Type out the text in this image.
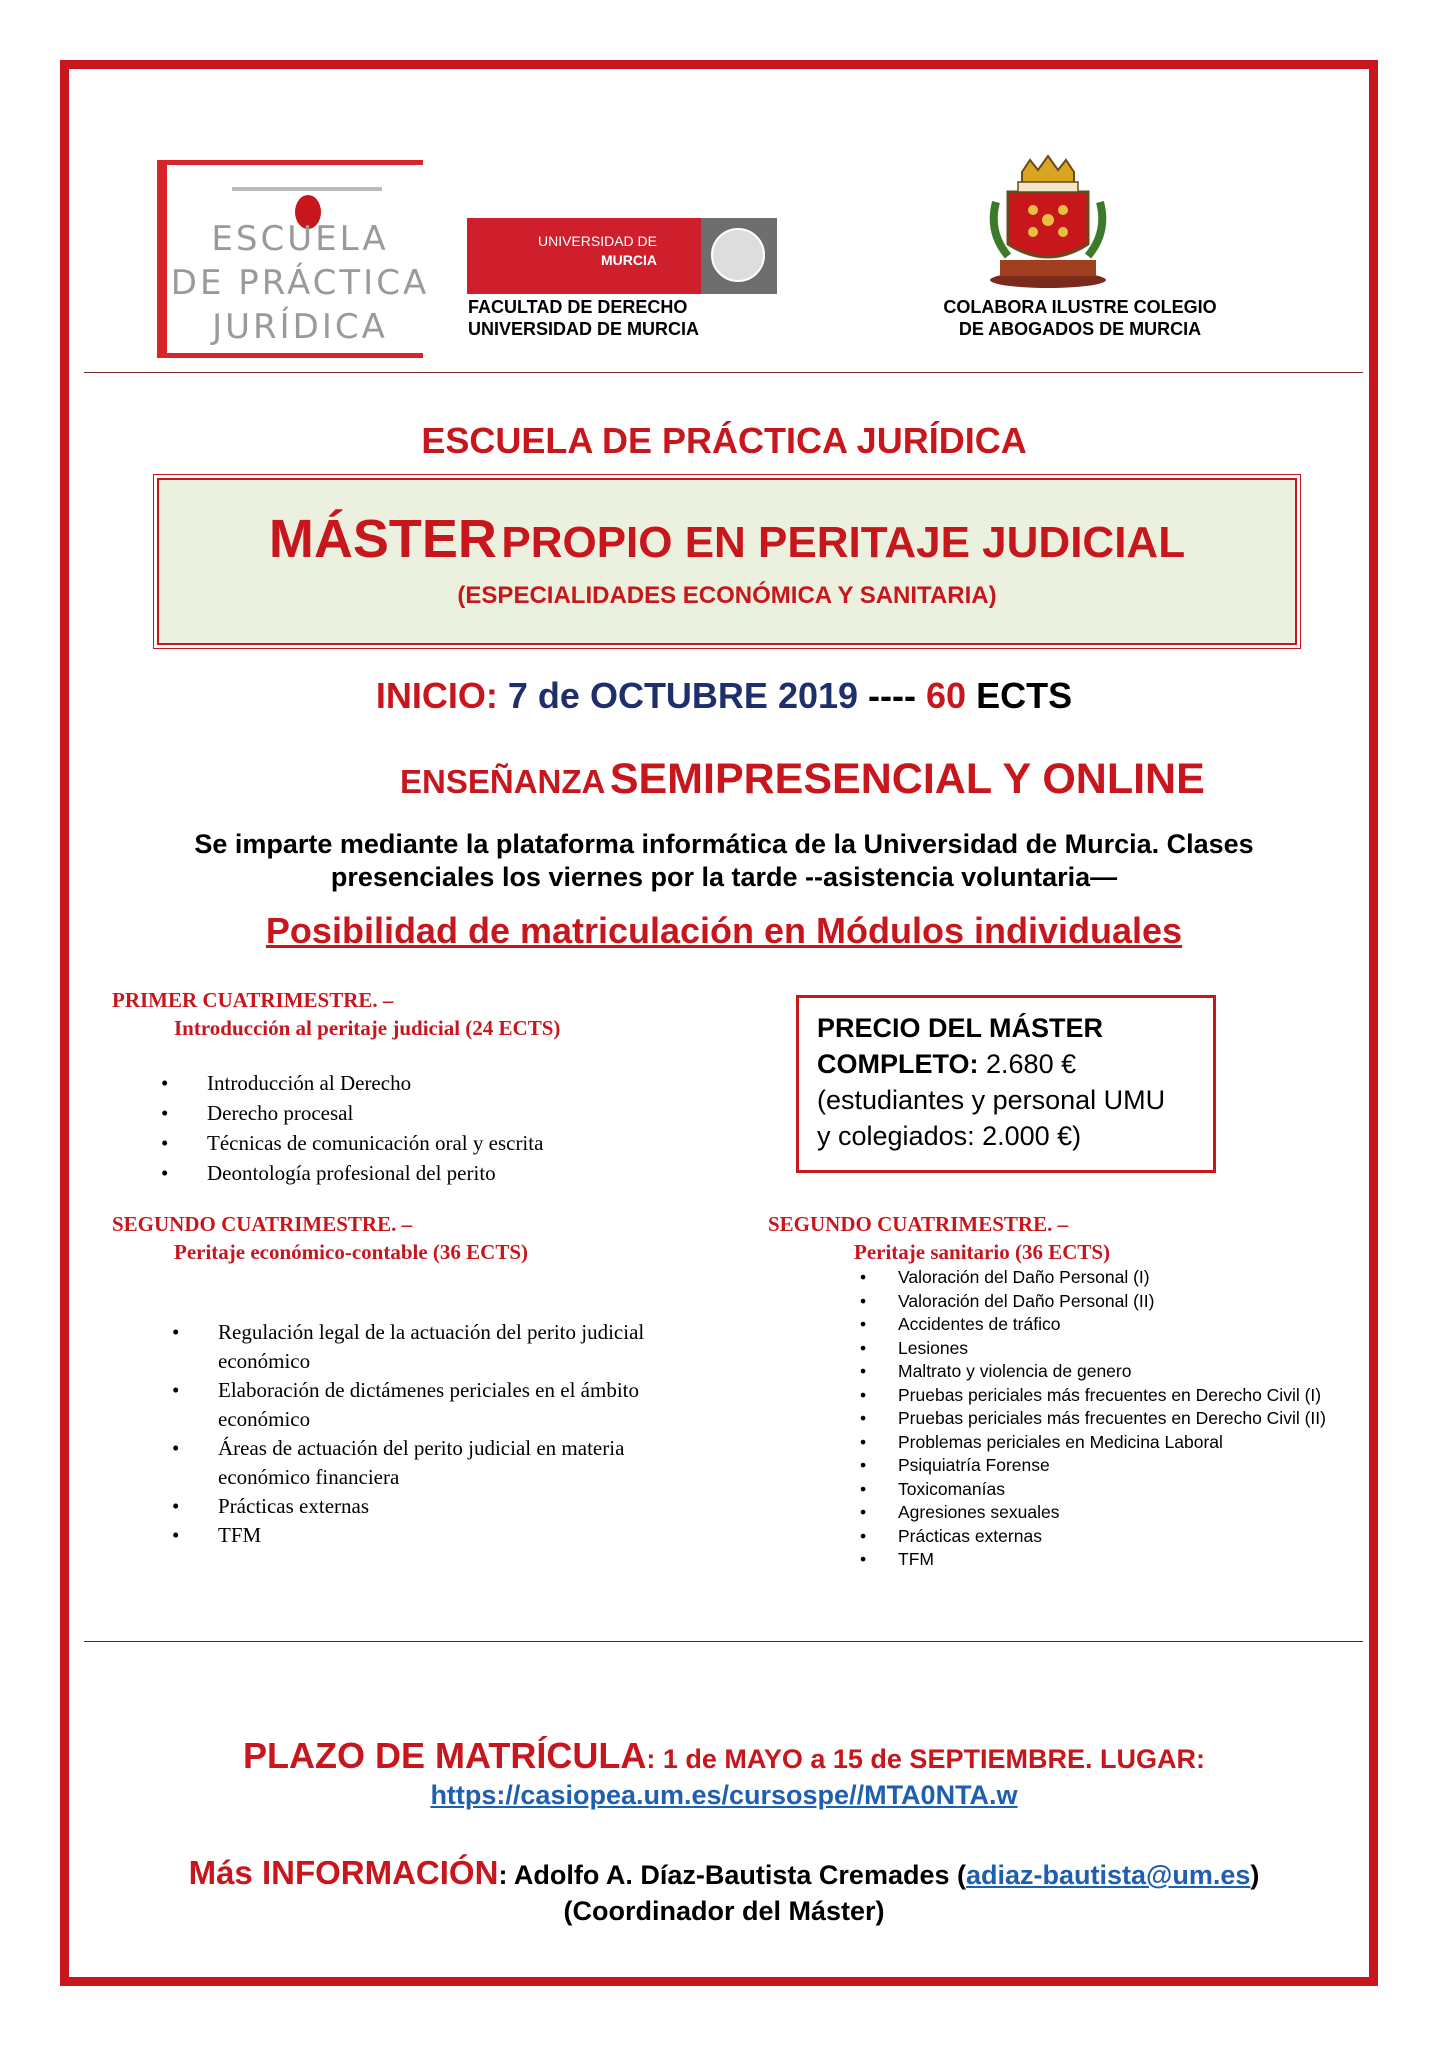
ESCUELA
DE PRÁCTICA
JURÍDICA
UNIVERSIDAD DE
MURCIA
FACULTAD DE DERECHO
UNIVERSIDAD DE MURCIA
COLABORA ILUSTRE COLEGIO
DE ABOGADOS DE MURCIA
ESCUELA DE PRÁCTICA JURÍDICA
MÁSTER PROPIO EN PERITAJE JUDICIAL
(ESPECIALIDADES ECONÓMICA Y SANITARIA)
INICIO: 7 de OCTUBRE 2019 ---- 60 ECTS
ENSEÑANZA SEMIPRESENCIAL Y ONLINE
Se imparte mediante la plataforma informática de la Universidad de Murcia. Clases
presenciales los viernes por la tarde --asistencia voluntaria—
Posibilidad de matriculación en Módulos individuales
PRIMER CUATRIMESTRE. –
Introducción al peritaje judicial (24 ECTS)
• Introducción al Derecho
• Derecho procesal
• Técnicas de comunicación oral y escrita
• Deontología profesional del perito
PRECIO DEL MÁSTER
COMPLETO: 2.680 €
(estudiantes y personal UMU
y colegiados: 2.000 €)
SEGUNDO CUATRIMESTRE. –
Peritaje económico-contable (36 ECTS)
• Regulación legal de la actuación del perito judicial económico
• Elaboración de dictámenes periciales en el ámbito económico
• Áreas de actuación del perito judicial en materia económico financiera
• Prácticas externas
• TFM
SEGUNDO CUATRIMESTRE. –
Peritaje sanitario (36 ECTS)
• Valoración del Daño Personal (I)
• Valoración del Daño Personal (II)
• Accidentes de tráfico
• Lesiones
• Maltrato y violencia de genero
• Pruebas periciales más frecuentes en Derecho Civil (I)
• Pruebas periciales más frecuentes en Derecho Civil (II)
• Problemas periciales en Medicina Laboral
• Psiquiatría Forense
• Toxicomanías
• Agresiones sexuales
• Prácticas externas
• TFM
PLAZO DE MATRÍCULA: 1 de MAYO a 15 de SEPTIEMBRE. LUGAR:
https://casiopea.um.es/cursospe//MTA0NTA.w
Más INFORMACIÓN: Adolfo A. Díaz-Bautista Cremades (adiaz-bautista@um.es)
(Coordinador del Máster)
